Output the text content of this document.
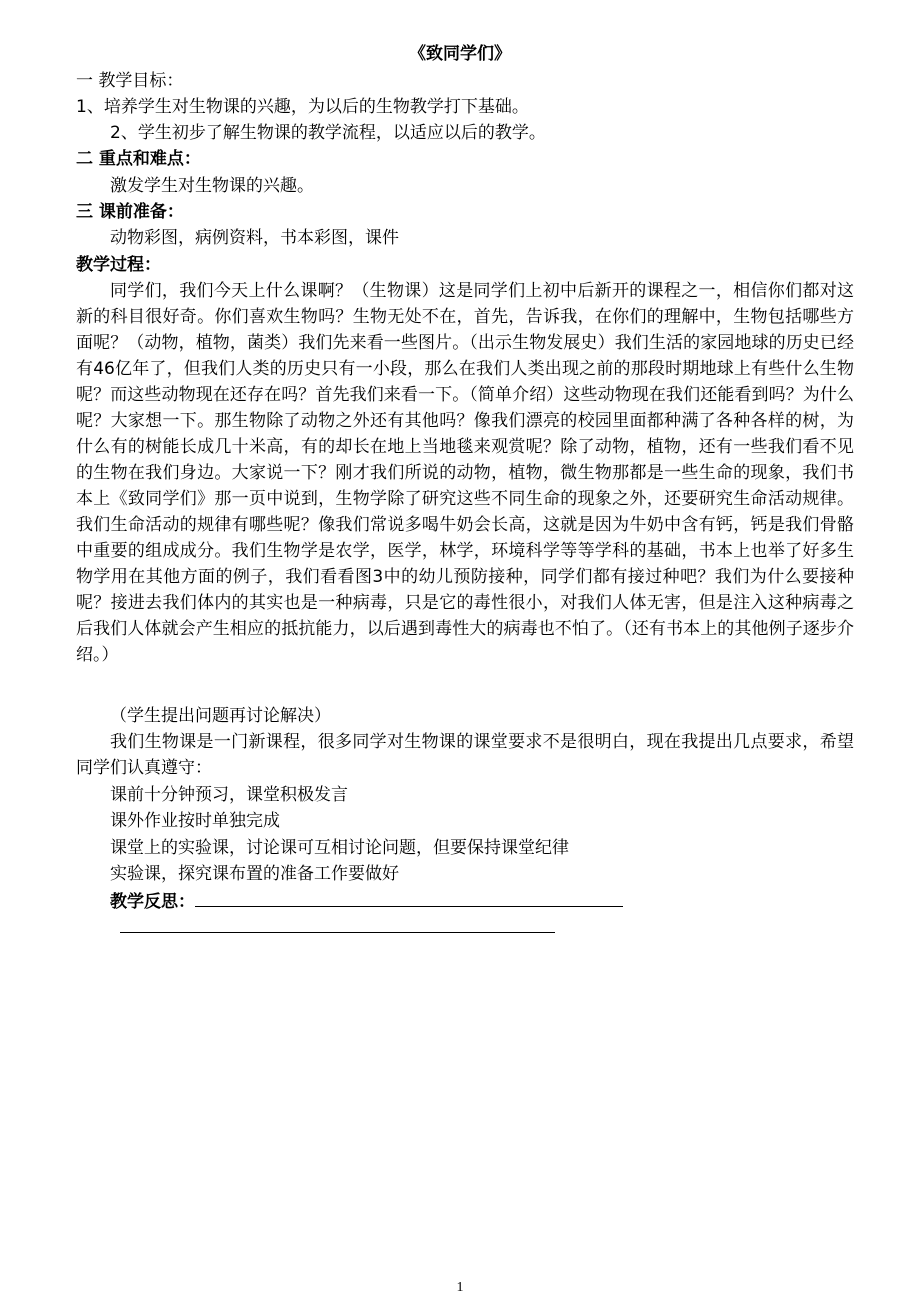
《致同学们》
一 教学目标：
1、培养学生对生物课的兴趣，为以后的生物教学打下基础。
2、学生初步了解生物课的教学流程，以适应以后的教学。
二 重点和难点：
激发学生对生物课的兴趣。
三 课前准备：
动物彩图，病例资料，书本彩图，课件
教学过程：
同学们，我们今天上什么课啊？（生物课）这是同学们上初中后新开的课程之一，相信你们都对这新的科目很好奇。你们喜欢生物吗？生物无处不在，首先，告诉我，在你们的理解中，生物包括哪些方面呢？（动物，植物，菌类）我们先来看一些图片。（出示生物发展史）我们生活的家园地球的历史已经有46亿年了，但我们人类的历史只有一小段，那么在我们人类出现之前的那段时期地球上有些什么生物呢？而这些动物现在还存在吗？首先我们来看一下。（简单介绍）这些动物现在我们还能看到吗？为什么呢？大家想一下。那生物除了动物之外还有其他吗？像我们漂亮的校园里面都种满了各种各样的树，为什么有的树能长成几十米高，有的却长在地上当地毯来观赏呢？除了动物，植物，还有一些我们看不见的生物在我们身边。大家说一下？刚才我们所说的动物，植物，微生物那都是一些生命的现象，我们书本上《致同学们》那一页中说到，生物学除了研究这些不同生命的现象之外，还要研究生命活动规律。我们生命活动的规律有哪些呢？像我们常说多喝牛奶会长高，这就是因为牛奶中含有钙，钙是我们骨骼中重要的组成成分。我们生物学是农学，医学，林学，环境科学等等学科的基础，书本上也举了好多生物学用在其他方面的例子，我们看看图3中的幼儿预防接种，同学们都有接过种吧？我们为什么要接种呢？接进去我们体内的其实也是一种病毒，只是它的毒性很小，对我们人体无害，但是注入这种病毒之后我们人体就会产生相应的抵抗能力，以后遇到毒性大的病毒也不怕了。（还有书本上的其他例子逐步介绍。）
（学生提出问题再讨论解决）
我们生物课是一门新课程，很多同学对生物课的课堂要求不是很明白，现在我提出几点要求，希望同学们认真遵守：
课前十分钟预习，课堂积极发言
课外作业按时单独完成
课堂上的实验课，讨论课可互相讨论问题，但要保持课堂纪律
实验课，探究课布置的准备工作要做好
教学反思：
1
